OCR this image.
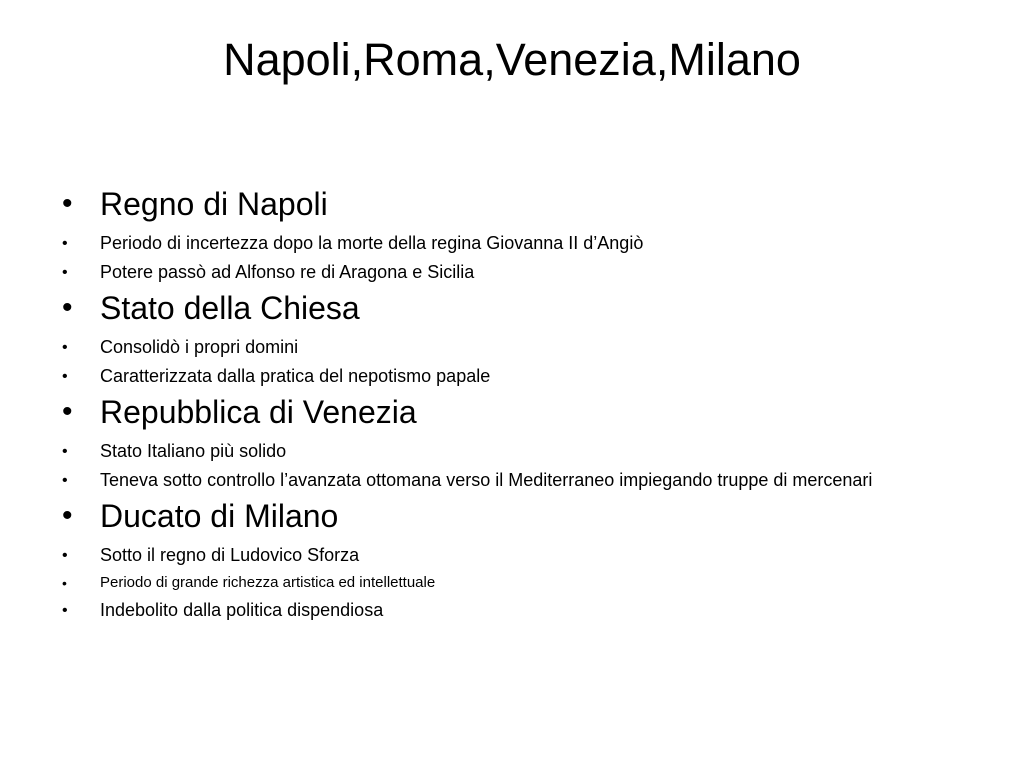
Napoli,Roma,Venezia,Milano
• Regno di Napoli
• Periodo di incertezza dopo la morte della regina Giovanna II d’Angiò
• Potere passò ad Alfonso re di Aragona e Sicilia
• Stato della Chiesa
• Consolidò i propri domini
• Caratterizzata dalla pratica del nepotismo papale
• Repubblica di Venezia
• Stato Italiano più solido
• Teneva sotto controllo l’avanzata ottomana verso il Mediterraneo impiegando truppe di mercenari
• Ducato di Milano
• Sotto il regno di Ludovico Sforza
• Periodo di grande richezza artistica ed intellettuale
• Indebolito dalla politica dispendiosa
